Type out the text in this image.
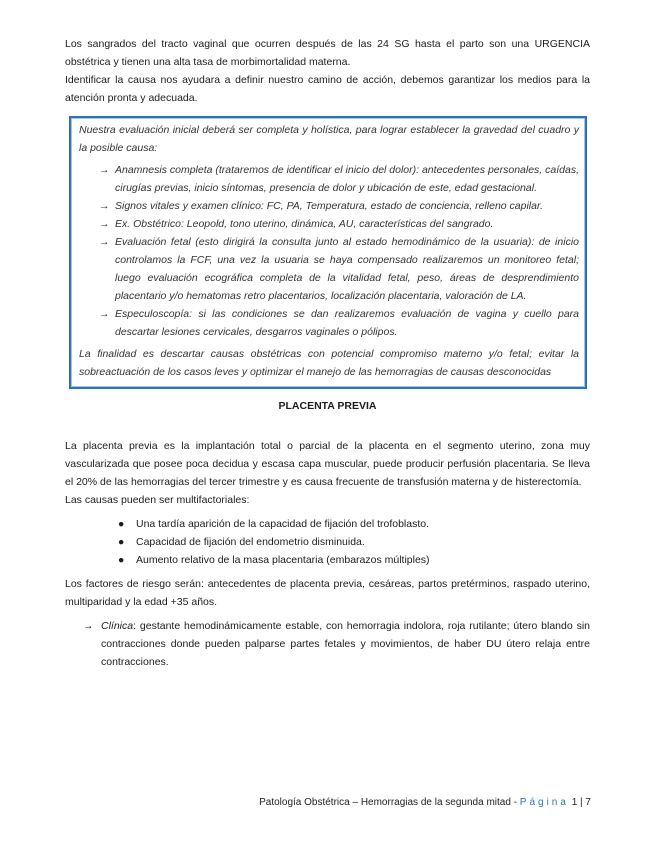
Los sangrados del tracto vaginal que ocurren después de las 24 SG hasta el parto son una URGENCIA obstétrica y tienen una alta tasa de morbimortalidad materna.

Identificar la causa nos ayudara a definir nuestro camino de acción, debemos garantizar los medios para la atención pronta y adecuada.

Nuestra evaluación inicial deberá ser completa y holística, para lograr establecer la gravedad del cuadro y la posible causa:

→ Anamnesis completa (trataremos de identificar el inicio del dolor): antecedentes personales, caídas, cirugías previas, inicio síntomas, presencia de dolor y ubicación de este, edad gestacional.
→ Signos vitales y examen clínico: FC, PA, Temperatura, estado de conciencia, relleno capilar.
→ Ex. Obstétrico: Leopold, tono uterino, dinámica, AU, características del sangrado.
→ Evaluación fetal (esto dirigirá la consulta junto al estado hemodinámico de la usuaria): de inicio controlamos la FCF, una vez la usuaria se haya compensado realizaremos un monitoreo fetal; luego evaluación ecográfica completa de la vitalidad fetal, peso, áreas de desprendimiento placentario y/o hematomas retro placentarios, localización placentaria, valoración de LA.
→ Especuloscopía: si las condiciones se dan realizaremos evaluación de vagina y cuello para descartar lesiones cervicales, desgarros vaginales o pólipos.

La finalidad es descartar causas obstétricas con potencial compromiso materno y/o fetal; evitar la sobreactuación de los casos leves y optimizar el manejo de las hemorragias de causas desconocidas

PLACENTA PREVIA

La placenta previa es la implantación total o parcial de la placenta en el segmento uterino, zona muy vascularizada que posee poca decidua y escasa capa muscular, puede producir perfusión placentaria. Se lleva el 20% de las hemorragias del tercer trimestre y es causa frecuente de transfusión materna y de histerectomía.

Las causas pueden ser multifactoriales:

● Una tardía aparición de la capacidad de fijación del trofoblasto.
● Capacidad de fijación del endometrio disminuida.
● Aumento relativo de la masa placentaria (embarazos múltiples)

Los factores de riesgo serán: antecedentes de placenta previa, cesáreas, partos pretérminos, raspado uterino, multiparidad y la edad +35 años.

→ Clínica: gestante hemodinámicamente estable, con hemorragia indolora, roja rutilante; útero blando sin contracciones donde pueden palparse partes fetales y movimientos, de haber DU útero relaja entre contracciones.
Patología Obstétrica – Hemorragias de la segunda mitad - Página 1 | 7
